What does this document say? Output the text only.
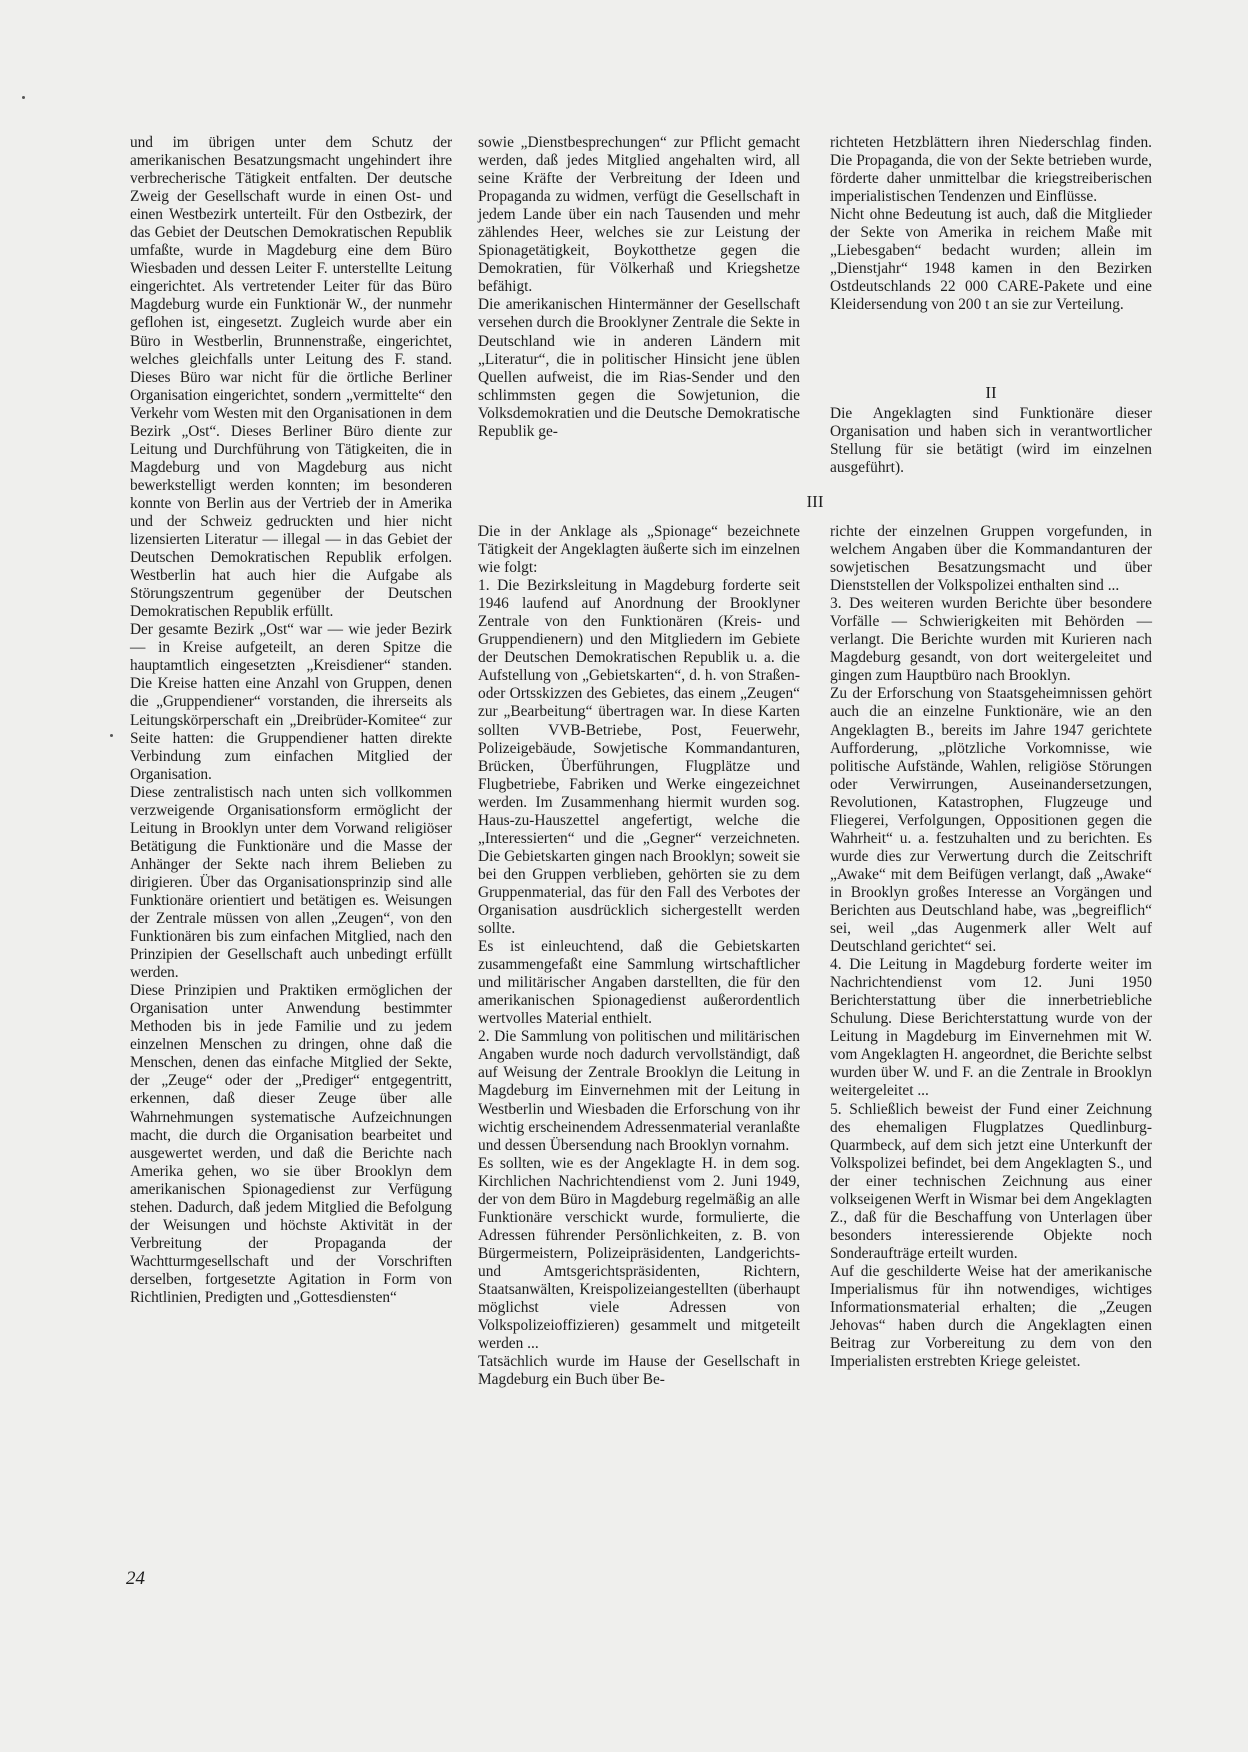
und im übrigen unter dem Schutz der amerikanischen Besatzungsmacht ungehindert ihre verbrecherische Tätigkeit entfalten. Der deutsche Zweig der Gesellschaft wurde in einen Ost- und einen Westbezirk unterteilt. Für den Ostbezirk, der das Gebiet der Deutschen Demokratischen Republik umfaßte, wurde in Magdeburg eine dem Büro Wiesbaden und dessen Leiter F. unterstellte Leitung eingerichtet. Als vertretender Leiter für das Büro Magdeburg wurde ein Funktionär W., der nunmehr geflohen ist, eingesetzt. Zugleich wurde aber ein Büro in Westberlin, Brunnenstraße, eingerichtet, welches gleichfalls unter Leitung des F. stand. Dieses Büro war nicht für die örtliche Berliner Organisation eingerichtet, sondern „vermittelte“ den Verkehr vom Westen mit den Organisationen in dem Bezirk „Ost“. Dieses Berliner Büro diente zur Leitung und Durchführung von Tätigkeiten, die in Magdeburg und von Magdeburg aus nicht bewerkstelligt werden konnten; im besonderen konnte von Berlin aus der Vertrieb der in Amerika und der Schweiz gedruckten und hier nicht lizensierten Literatur — illegal — in das Gebiet der Deutschen Demokratischen Republik erfolgen. Westberlin hat auch hier die Aufgabe als Störungszentrum gegenüber der Deutschen Demokratischen Republik erfüllt.

Der gesamte Bezirk „Ost“ war — wie jeder Bezirk — in Kreise aufgeteilt, an deren Spitze die hauptamtlich eingesetzten „Kreisdiener“ standen. Die Kreise hatten eine Anzahl von Gruppen, denen die „Gruppendiener“ vorstanden, die ihrerseits als Leitungskörperschaft ein „Dreibrüder-Komitee“ zur Seite hatten: die Gruppendiener hatten direkte Verbindung zum einfachen Mitglied der Organisation.

Diese zentralistisch nach unten sich vollkommen verzweigende Organisationsform ermöglicht der Leitung in Brooklyn unter dem Vorwand religiöser Betätigung die Funktionäre und die Masse der Anhänger der Sekte nach ihrem Belieben zu dirigieren. Über das Organisationsprinzip sind alle Funktionäre orientiert und betätigen es. Weisungen der Zentrale müssen von allen „Zeugen“, von den Funktionären bis zum einfachen Mitglied, nach den Prinzipien der Gesellschaft auch unbedingt erfüllt werden.

Diese Prinzipien und Praktiken ermöglichen der Organisation unter Anwendung bestimmter Methoden bis in jede Familie und zu jedem einzelnen Menschen zu dringen, ohne daß die Menschen, denen das einfache Mitglied der Sekte, der „Zeuge“ oder der „Prediger“ entgegentritt, erkennen, daß dieser Zeuge über alle Wahrnehmungen systematische Aufzeichnungen macht, die durch die Organisation bearbeitet und ausgewertet werden, und daß die Berichte nach Amerika gehen, wo sie über Brooklyn dem amerikanischen Spionagedienst zur Verfügung stehen. Dadurch, daß jedem Mitglied die Befolgung der Weisungen und höchste Aktivität in der Verbreitung der Propaganda der Wachtturmgesellschaft und der Vorschriften derselben, fortgesetzte Agitation in Form von Richtlinien, Predigten und „Gottesdiensten“

sowie „Dienstbesprechungen“ zur Pflicht gemacht werden, daß jedes Mitglied angehalten wird, all seine Kräfte der Verbreitung der Ideen und Propaganda zu widmen, verfügt die Gesellschaft in jedem Lande über ein nach Tausenden und mehr zählendes Heer, welches sie zur Leistung der Spionagetätigkeit, Boykotthetze gegen die Demokratien, für Völkerhaß und Kriegshetze befähigt.

Die amerikanischen Hintermänner der Gesellschaft versehen durch die Brooklyner Zentrale die Sekte in Deutschland wie in anderen Ländern mit „Literatur“, die in politischer Hinsicht jene üblen Quellen aufweist, die im Rias-Sender und den schlimmsten gegen die Sowjetunion, die Volksdemokratien und die Deutsche Demokratische Republik ge-

richteten Hetzblättern ihren Niederschlag finden. Die Propaganda, die von der Sekte betrieben wurde, förderte daher unmittelbar die kriegstreiberischen imperialistischen Tendenzen und Einflüsse.

Nicht ohne Bedeutung ist auch, daß die Mitglieder der Sekte von Amerika in reichem Maße mit „Liebesgaben“ bedacht wurden; allein im „Dienstjahr“ 1948 kamen in den Bezirken Ostdeutschlands 22 000 CARE-Pakete und eine Kleidersendung von 200 t an sie zur Verteilung.

II

Die Angeklagten sind Funktionäre dieser Organisation und haben sich in verantwortlicher Stellung für sie betätigt (wird im einzelnen ausgeführt).

III

Die in der Anklage als „Spionage“ bezeichnete Tätigkeit der Angeklagten äußerte sich im einzelnen wie folgt:

1. Die Bezirksleitung in Magdeburg forderte seit 1946 laufend auf Anordnung der Brooklyner Zentrale von den Funktionären (Kreis- und Gruppendienern) und den Mitgliedern im Gebiete der Deutschen Demokratischen Republik u. a. die Aufstellung von „Gebietskarten“, d. h. von Straßen- oder Ortsskizzen des Gebietes, das einem „Zeugen“ zur „Bearbeitung“ übertragen war. In diese Karten sollten VVB-Betriebe, Post, Feuerwehr, Polizeigebäude, Sowjetische Kommandanturen, Brücken, Überführungen, Flugplätze und Flugbetriebe, Fabriken und Werke eingezeichnet werden. Im Zusammenhang hiermit wurden sog. Haus-zu-Hauszettel angefertigt, welche die „Interessierten“ und die „Gegner“ verzeichneten. Die Gebietskarten gingen nach Brooklyn; soweit sie bei den Gruppen verblieben, gehörten sie zu dem Gruppenmaterial, das für den Fall des Verbotes der Organisation ausdrücklich sichergestellt werden sollte.

Es ist einleuchtend, daß die Gebietskarten zusammengefaßt eine Sammlung wirtschaftlicher und militärischer Angaben darstellten, die für den amerikanischen Spionagedienst außerordentlich wertvolles Material enthielt.

2. Die Sammlung von politischen und militärischen Angaben wurde noch dadurch vervollständigt, daß auf Weisung der Zentrale Brooklyn die Leitung in Magdeburg im Einvernehmen mit der Leitung in Westberlin und Wiesbaden die Erforschung von ihr wichtig erscheinendem Adressenmaterial veranlaßte und dessen Übersendung nach Brooklyn vornahm.

Es sollten, wie es der Angeklagte H. in dem sog. Kirchlichen Nachrichtendienst vom 2. Juni 1949, der von dem Büro in Magdeburg regelmäßig an alle Funktionäre verschickt wurde, formulierte, die Adressen führender Persönlichkeiten, z. B. von Bürgermeistern, Polizeipräsidenten, Landgerichts- und Amtsgerichtspräsidenten, Richtern, Staatsanwälten, Kreispolizeiangestellten (überhaupt möglichst viele Adressen von Volkspolizeioffizieren) gesammelt und mitgeteilt werden ...

Tatsächlich wurde im Hause der Gesellschaft in Magdeburg ein Buch über Be-

richte der einzelnen Gruppen vorgefunden, in welchem Angaben über die Kommandanturen der sowjetischen Besatzungsmacht und über Dienststellen der Volkspolizei enthalten sind ...

3. Des weiteren wurden Berichte über besondere Vorfälle — Schwierigkeiten mit Behörden — verlangt. Die Berichte wurden mit Kurieren nach Magdeburg gesandt, von dort weitergeleitet und gingen zum Hauptbüro nach Brooklyn.

Zu der Erforschung von Staatsgeheimnissen gehört auch die an einzelne Funktionäre, wie an den Angeklagten B., bereits im Jahre 1947 gerichtete Aufforderung, „plötzliche Vorkomnisse, wie politische Aufstände, Wahlen, religiöse Störungen oder Verwirrungen, Auseinandersetzungen, Revolutionen, Katastrophen, Flugzeuge und Fliegerei, Verfolgungen, Oppositionen gegen die Wahrheit“ u. a. festzuhalten und zu berichten. Es wurde dies zur Verwertung durch die Zeitschrift „Awake“ mit dem Beifügen verlangt, daß „Awake“ in Brooklyn großes Interesse an Vorgängen und Berichten aus Deutschland habe, was „begreiflich“ sei, weil „das Augenmerk aller Welt auf Deutschland gerichtet“ sei.

4. Die Leitung in Magdeburg forderte weiter im Nachrichtendienst vom 12. Juni 1950 Berichterstattung über die innerbetriebliche Schulung. Diese Berichterstattung wurde von der Leitung in Magdeburg im Einvernehmen mit W. vom Angeklagten H. angeordnet, die Berichte selbst wurden über W. und F. an die Zentrale in Brooklyn weitergeleitet ...

5. Schließlich beweist der Fund einer Zeichnung des ehemaligen Flugplatzes Quedlinburg-Quarmbeck, auf dem sich jetzt eine Unterkunft der Volkspolizei befindet, bei dem Angeklagten S., und der einer technischen Zeichnung aus einer volkseigenen Werft in Wismar bei dem Angeklagten Z., daß für die Beschaffung von Unterlagen über besonders interessierende Objekte noch Sonderaufträge erteilt wurden.

Auf die geschilderte Weise hat der amerikanische Imperialismus für ihn notwendiges, wichtiges Informationsmaterial erhalten; die „Zeugen Jehovas“ haben durch die Angeklagten einen Beitrag zur Vorbereitung zu dem von den Imperialisten erstrebten Kriege geleistet.

24
